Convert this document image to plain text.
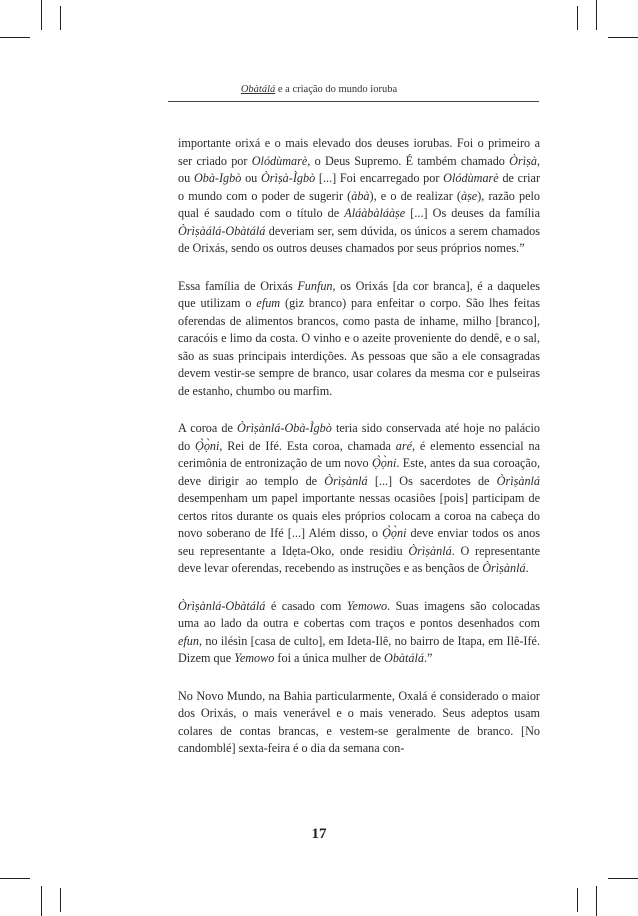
Obàtálá e a criação do mundo ioruba

importante orixá e o mais elevado dos deuses iorubas. Foi o primeiro a ser criado por Olódùmarè, o Deus Supremo. É também chamado Òrìṣà, ou Obà-Igbò ou Òrìṣà-Ìgbò [...] Foi encarregado por Olódùmarè de criar o mundo com o poder de sugerir (àbà), e o de realizar (àṣe), razão pelo qual é saudado com o título de Aláàbàláàṣe [...] Os deuses da família Òrìṣàálá-Obàtálá deveriam ser, sem dúvida, os únicos a serem chamados de Orixás, sendo os outros deuses chamados por seus próprios nomes.”

Essa família de Orixás Funfun, os Orixás [da cor branca], é a daqueles que utilizam o efum (giz branco) para enfeitar o corpo. São lhes feitas oferendas de alimentos brancos, como pasta de inhame, milho [branco], caracóis e limo da costa. O vinho e o azeite proveniente do dendê, e o sal, são as suas principais interdições. As pessoas que são a ele consagradas devem vestir-se sempre de branco, usar colares da mesma cor e pulseiras de estanho, chumbo ou marfim.

A coroa de Òrìṣànlá-Obà-Ìgbò teria sido conservada até hoje no palácio do Ọ̀ọ̀ni, Rei de Ifé. Esta coroa, chamada aré, é elemento essencial na cerimônia de entronização de um novo Ọ̀ọ̀ni. Este, antes da sua coroação, deve dirigir ao templo de Òrìṣànlá [...] Os sacerdotes de Òrìṣànlá desempenham um papel importante nessas ocasiões [pois] participam de certos ritos durante os quais eles próprios colocam a coroa na cabeça do novo soberano de Ifé [...] Além disso, o Ọ̀ọ̀ni deve enviar todos os anos seu representante a Idẹta-Oko, onde residiu Òrìṣànlá. O representante deve levar oferendas, recebendo as instruções e as bençãos de Òrìṣànlá.

Òrìṣànlá-Obàtálá é casado com Yemowo. Suas imagens são colocadas uma ao lado da outra e cobertas com traços e pontos desenhados com efun, no ilésìn [casa de culto], em Ideta-Ilê, no bairro de Itapa, em Ilê-Ifé. Dizem que Yemowo foi a única mulher de Obàtálá.”

No Novo Mundo, na Bahia particularmente, Oxalá é considerado o maior dos Orixás, o mais venerável e o mais venerado. Seus adeptos usam colares de contas brancas, e vestem-se geralmente de branco. [No candomblé] sexta-feira é o dia da semana con-

17
